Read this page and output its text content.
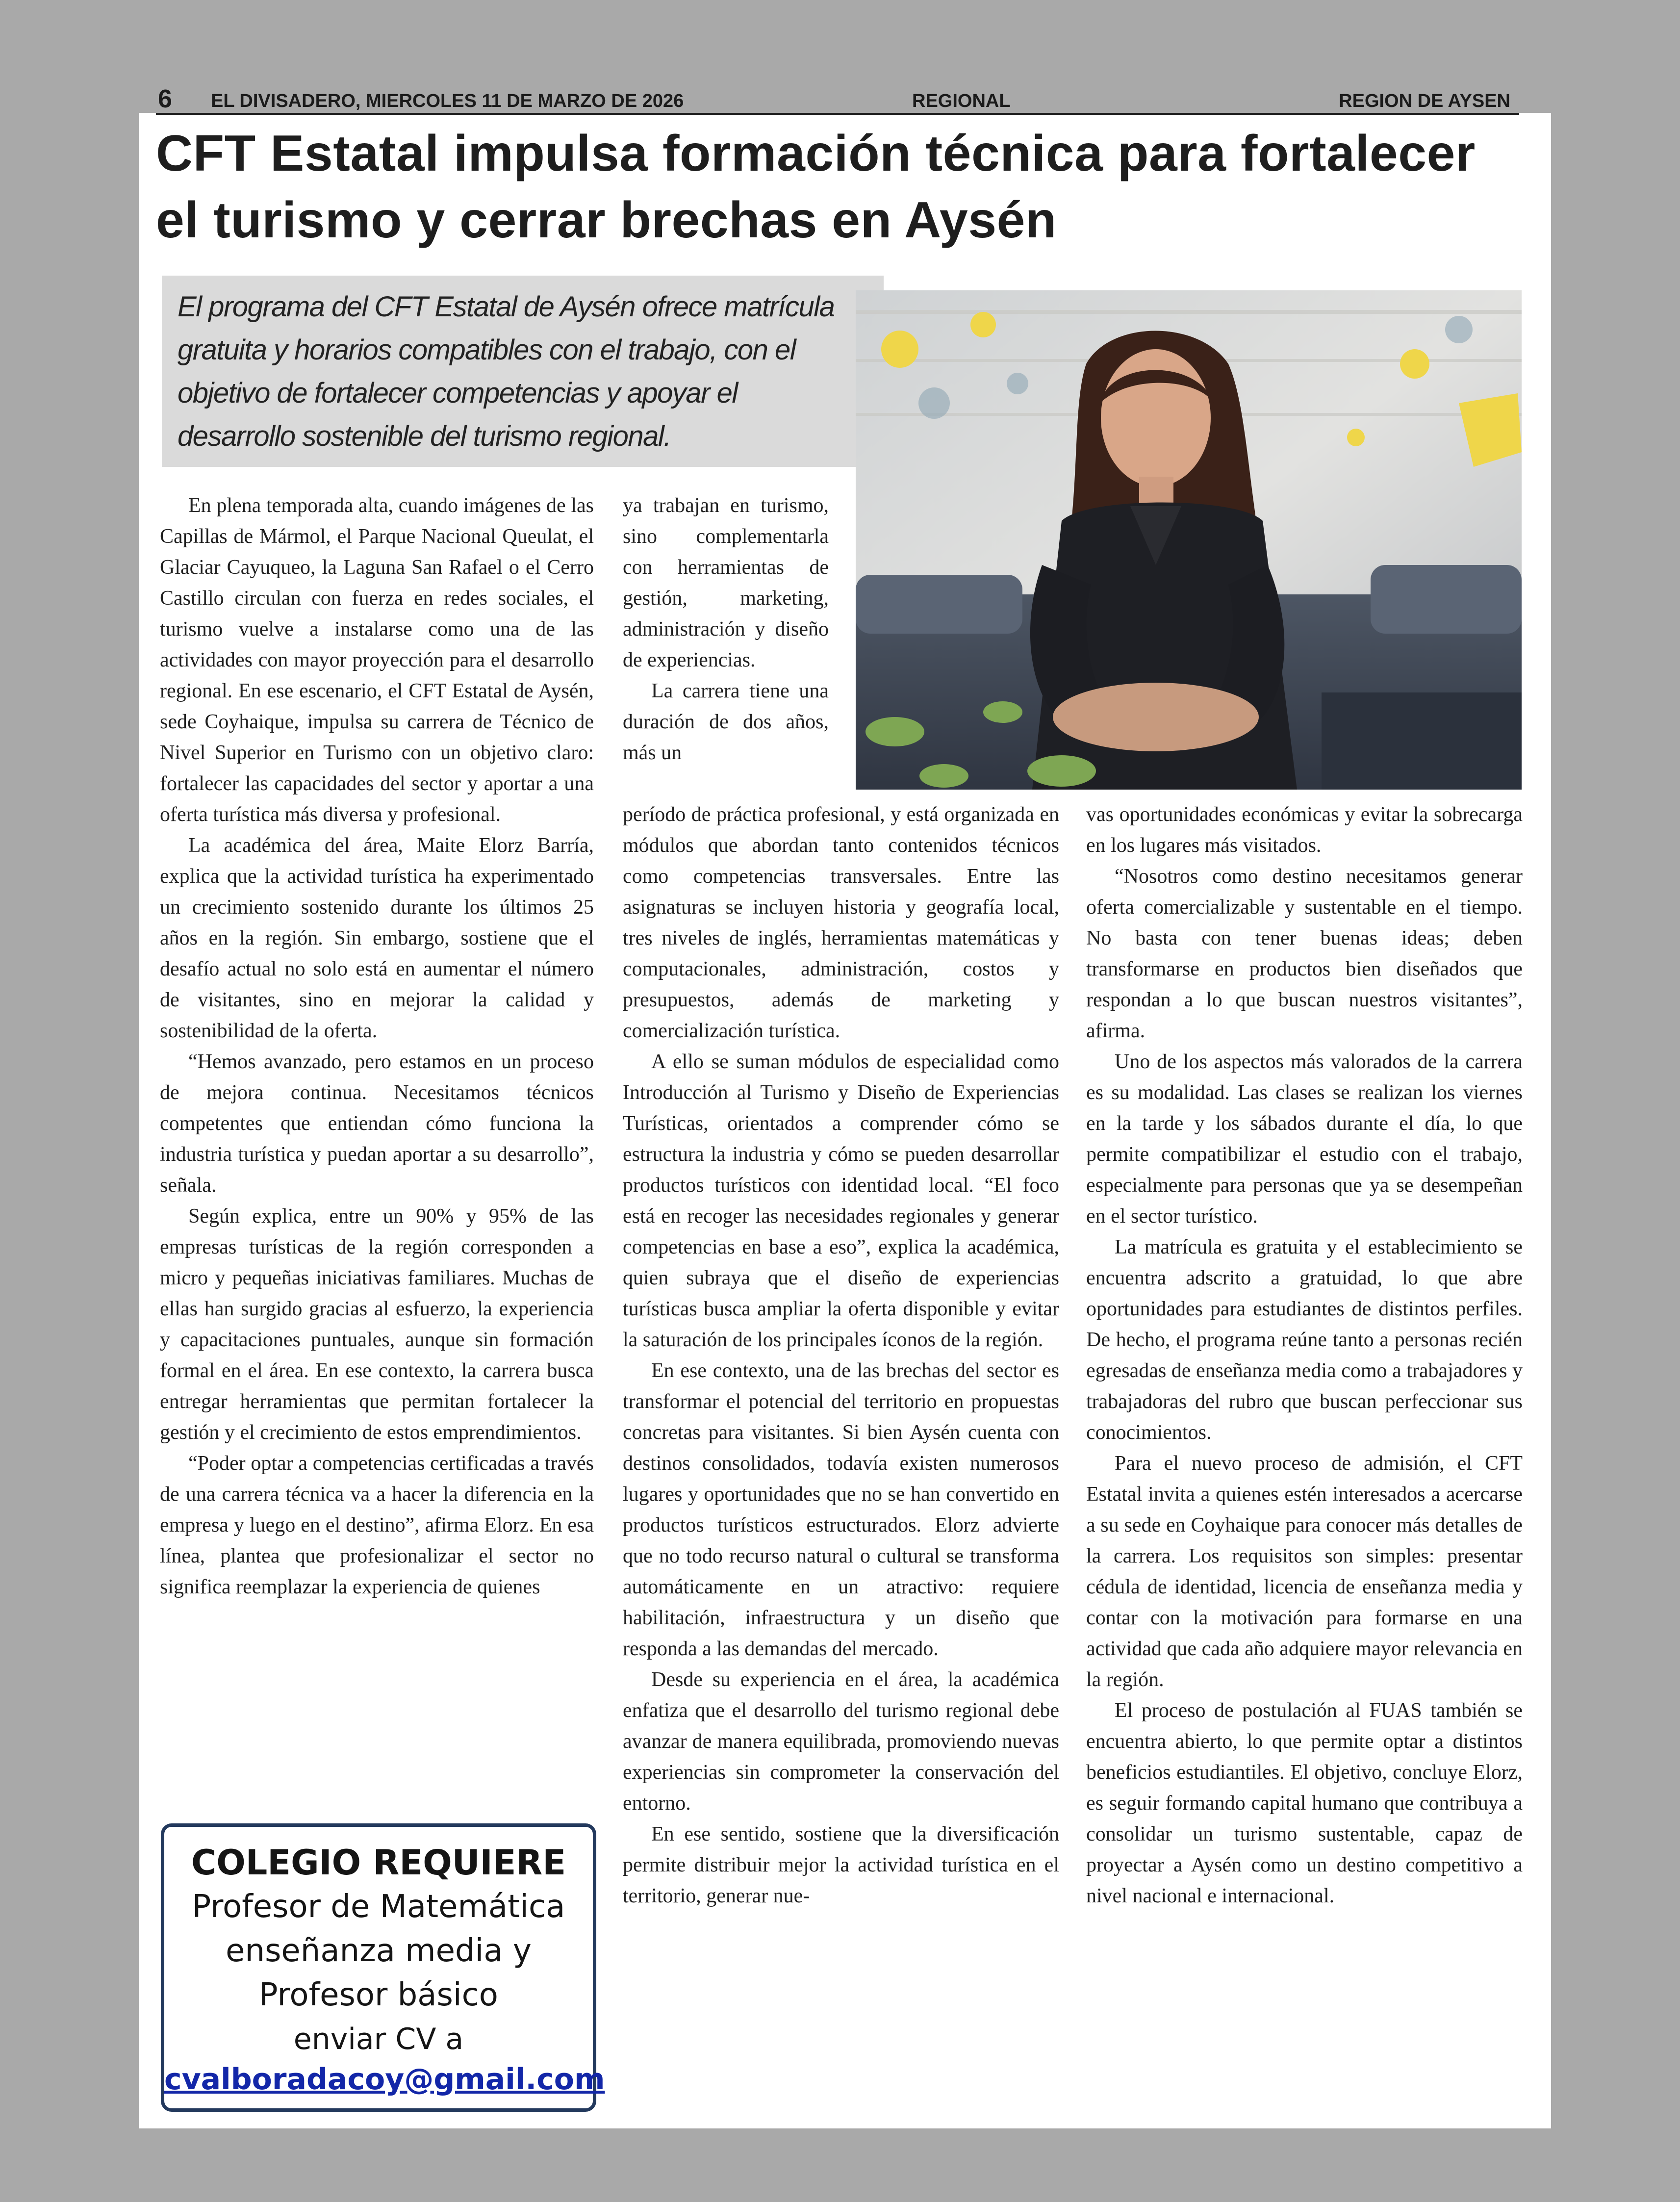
6 EL DIVISADERO, MIERCOLES 11 DE MARZO DE 2026	REGIONAL	REGION DE AYSEN
CFT Estatal impulsa formación técnica para fortalecer el turismo y cerrar brechas en Aysén

El programa del CFT Estatal de Aysén ofrece matrícula gratuita y horarios compatibles con el trabajo, con el objetivo de fortalecer competencias y apoyar el desarrollo sostenible del turismo regional.

En plena temporada alta, cuando imágenes de las Capillas de Mármol, el Parque Nacional Queulat, el Glaciar Cayuqueo, la Laguna San Rafael o el Cerro Castillo circulan con fuerza en redes sociales, el turismo vuelve a instalarse como una de las actividades con mayor proyección para el desarrollo regional. En ese escenario, el CFT Estatal de Aysén, sede Coyhaique, impulsa su carrera de Técnico de Nivel Superior en Turismo con un objetivo claro: fortalecer las capacidades del sector y aportar a una oferta turística más diversa y profesional.

La académica del área, Maite Elorz Barría, explica que la actividad turística ha experimentado un crecimiento sostenido durante los últimos 25 años en la región. Sin embargo, sostiene que el desafío actual no solo está en aumentar el número de visitantes, sino en mejorar la calidad y sostenibilidad de la oferta.

“Hemos avanzado, pero estamos en un proceso de mejora continua. Necesitamos técnicos competentes que entiendan cómo funciona la industria turística y puedan aportar a su desarrollo”, señala.

Según explica, entre un 90% y 95% de las empresas turísticas de la región corresponden a micro y pequeñas iniciativas familiares. Muchas de ellas han surgido gracias al esfuerzo, la experiencia y capacitaciones puntuales, aunque sin formación formal en el área. En ese contexto, la carrera busca entregar herramientas que permitan fortalecer la gestión y el crecimiento de estos emprendimientos.

“Poder optar a competencias certificadas a través de una carrera técnica va a hacer la diferencia en la empresa y luego en el destino”, afirma Elorz. En esa línea, plantea que profesionalizar el sector no significa reemplazar la experiencia de quienes

ya trabajan en turismo, sino complementarla con herramientas de gestión, marketing, administración y diseño de experiencias.

La carrera tiene una duración de dos años, más un

período de práctica profesional, y está organizada en módulos que abordan tanto contenidos técnicos como competencias transversales. Entre las asignaturas se incluyen historia y geografía local, tres niveles de inglés, herramientas matemáticas y computacionales, administración, costos y presupuestos, además de marketing y comercialización turística.

A ello se suman módulos de especialidad como Introducción al Turismo y Diseño de Experiencias Turísticas, orientados a comprender cómo se estructura la industria y cómo se pueden desarrollar productos turísticos con identidad local. “El foco está en recoger las necesidades regionales y generar competencias en base a eso”, explica la académica, quien subraya que el diseño de experiencias turísticas busca ampliar la oferta disponible y evitar la saturación de los principales íconos de la región.

En ese contexto, una de las brechas del sector es transformar el potencial del territorio en propuestas concretas para visitantes. Si bien Aysén cuenta con destinos consolidados, todavía existen numerosos lugares y oportunidades que no se han convertido en productos turísticos estructurados. Elorz advierte que no todo recurso natural o cultural se transforma automáticamente en un atractivo: requiere habilitación, infraestructura y un diseño que responda a las demandas del mercado.

Desde su experiencia en el área, la académica enfatiza que el desarrollo del turismo regional debe avanzar de manera equilibrada, promoviendo nuevas experiencias sin comprometer la conservación del entorno.

En ese sentido, sostiene que la diversificación permite distribuir mejor la actividad turística en el territorio, generar nue-

vas oportunidades económicas y evitar la sobrecarga en los lugares más visitados.

“Nosotros como destino necesitamos generar oferta comercializable y sustentable en el tiempo. No basta con tener buenas ideas; deben transformarse en productos bien diseñados que respondan a lo que buscan nuestros visitantes”, afirma.

Uno de los aspectos más valorados de la carrera es su modalidad. Las clases se realizan los viernes en la tarde y los sábados durante el día, lo que permite compatibilizar el estudio con el trabajo, especialmente para personas que ya se desempeñan en el sector turístico.

La matrícula es gratuita y el establecimiento se encuentra adscrito a gratuidad, lo que abre oportunidades para estudiantes de distintos perfiles. De hecho, el programa reúne tanto a personas recién egresadas de enseñanza media como a trabajadores y trabajadoras del rubro que buscan perfeccionar sus conocimientos.

Para el nuevo proceso de admisión, el CFT Estatal invita a quienes estén interesados a acercarse a su sede en Coyhaique para conocer más detalles de la carrera. Los requisitos son simples: presentar cédula de identidad, licencia de enseñanza media y contar con la motivación para formarse en una actividad que cada año adquiere mayor relevancia en la región.

El proceso de postulación al FUAS también se encuentra abierto, lo que permite optar a distintos beneficios estudiantiles. El objetivo, concluye Elorz, es seguir formando capital humano que contribuya a consolidar un turismo sustentable, capaz de proyectar a Aysén como un destino competitivo a nivel nacional e internacional.

COLEGIO REQUIERE
Profesor de Matemática
enseñanza media y
Profesor básico
enviar CV a
cvalboradacoy@gmail.com
